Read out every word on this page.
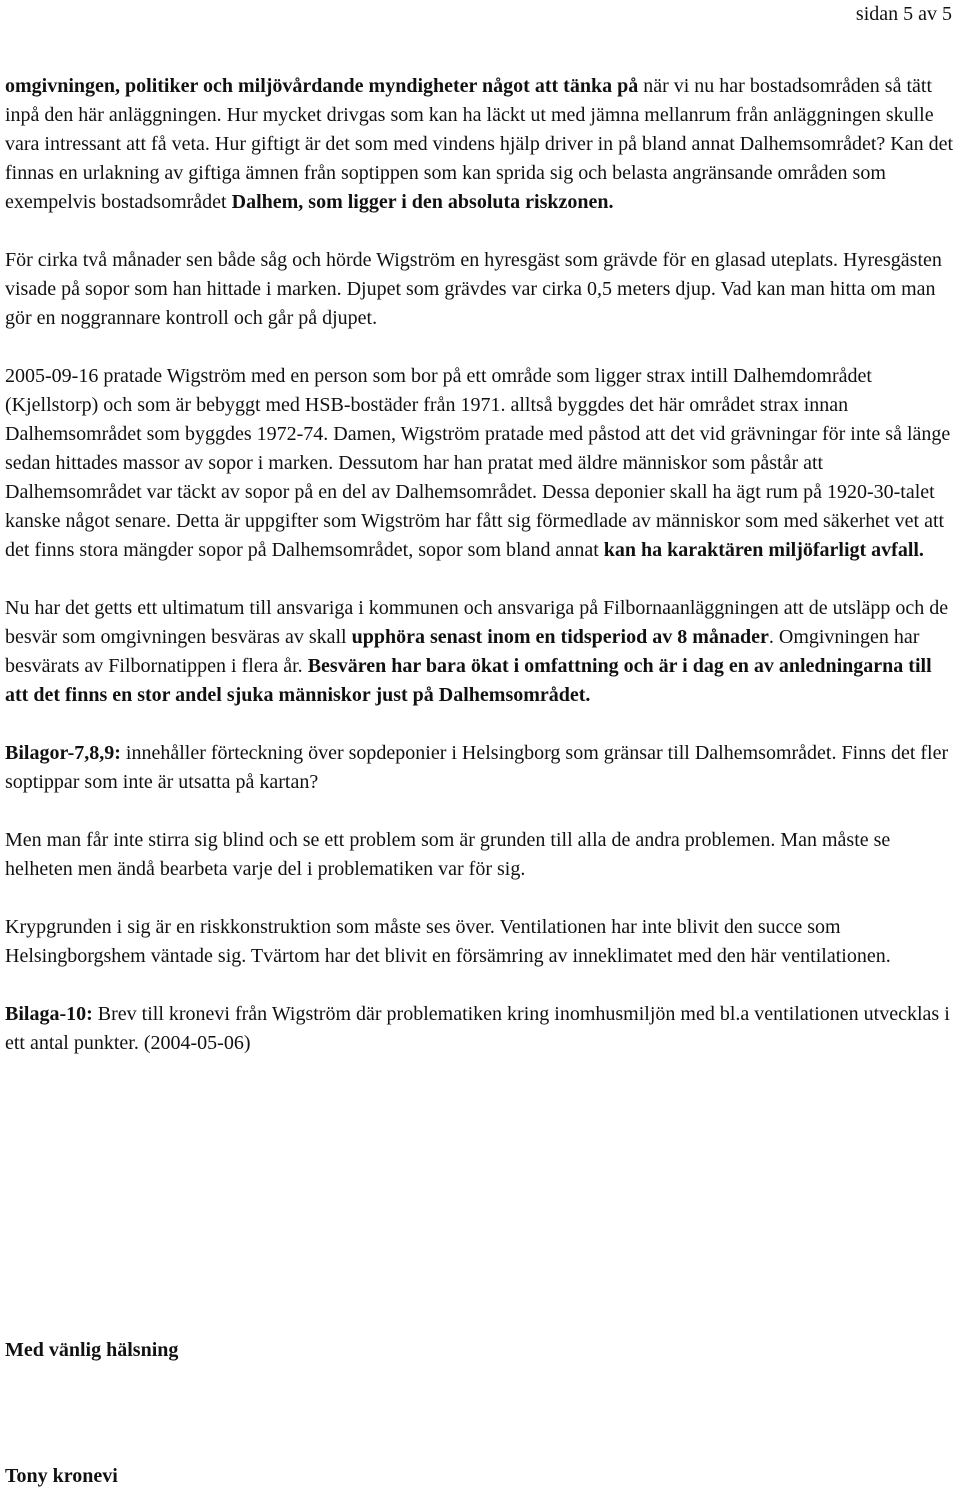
sidan 5 av 5

omgivningen, politiker och miljövårdande myndigheter något att tänka på när vi nu har bostadsområden så tätt inpå den här anläggningen. Hur mycket drivgas som kan ha läckt ut med jämna mellanrum från anläggningen skulle vara intressant att få veta. Hur giftigt är det som med vindens hjälp driver in på bland annat Dalhemsområdet? Kan det finnas en urlakning av giftiga ämnen från soptippen som kan sprida sig och belasta angränsande områden som exempelvis bostadsområdet Dalhem, som ligger i den absoluta riskzonen.

För cirka två månader sen både såg och hörde Wigström en hyresgäst som grävde för en glasad uteplats. Hyresgästen visade på sopor som han hittade i marken. Djupet som grävdes var cirka 0,5 meters djup. Vad kan man hitta om man gör en noggrannare kontroll och går på djupet.

2005-09-16 pratade Wigström med en person som bor på ett område som ligger strax intill Dalhemdområdet (Kjellstorp) och som är bebyggt med HSB-bostäder från 1971. alltså byggdes det här området strax innan Dalhemsområdet som byggdes 1972-74. Damen, Wigström pratade med påstod att det vid grävningar för inte så länge sedan hittades massor av sopor i marken. Dessutom har han pratat med äldre människor som påstår att Dalhemsområdet var täckt av sopor på en del av Dalhemsområdet. Dessa deponier skall ha ägt rum på 1920-30-talet kanske något senare. Detta är uppgifter som Wigström har fått sig förmedlade av människor som med säkerhet vet att det finns stora mängder sopor på Dalhemsområdet, sopor som bland annat kan ha karaktären miljöfarligt avfall.

Nu har det getts ett ultimatum till ansvariga i kommunen och ansvariga på Filbornaanläggningen att de utsläpp och de besvär som omgivningen besväras av skall upphöra senast inom en tidsperiod av 8 månader. Omgivningen har besvärats av Filbornatippen i flera år. Besvären har bara ökat i omfattning och är i dag en av anledningarna till att det finns en stor andel sjuka människor just på Dalhemsområdet.

Bilagor-7,8,9: innehåller förteckning över sopdeponier i Helsingborg som gränsar till Dalhemsområdet. Finns det fler soptippar som inte är utsatta på kartan?

Men man får inte stirra sig blind och se ett problem som är grunden till alla de andra problemen. Man måste se helheten men ändå bearbeta varje del i problematiken var för sig.

Krypgrunden i sig är en riskkonstruktion som måste ses över. Ventilationen har inte blivit den succe som Helsingborgshem väntade sig. Tvärtom har det blivit en försämring av inneklimatet med den här ventilationen.

Bilaga-10: Brev till kronevi från Wigström där problematiken kring inomhusmiljön med bl.a ventilationen utvecklas i ett antal punkter. (2004-05-06)

Med vänlig hälsning
Tony kronevi
